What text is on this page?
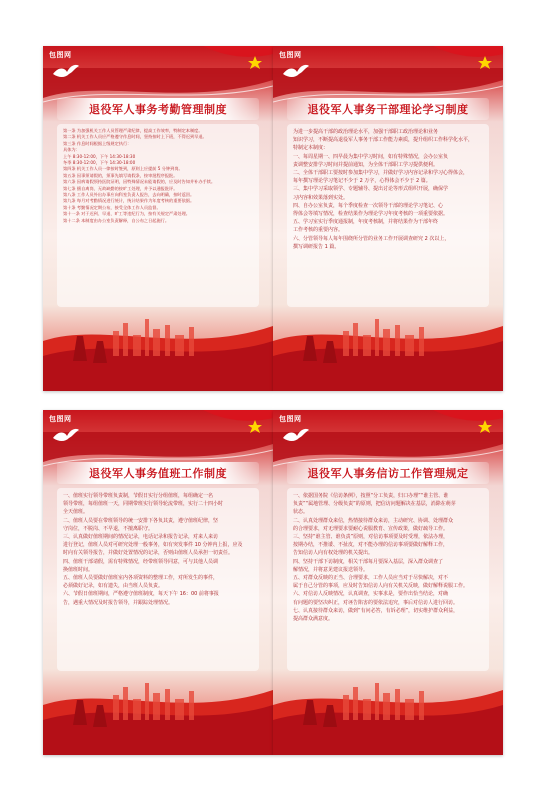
包图网
退役军人事务考勤管理制度
第一条 为加强机关工作人员管理严肃纪律，提高工作效率，特制定本制度。
第二条 机关工作人员应严格遵守作息时间，坚持按时上下班，不得迟到早退。
第三条 作息时间根据上级规定执行：
具体为：
上午 8:30-12:00，下午 14:30-18:30
冬季 8:30-12:00，下午 14:30-18:00
第四条 机关工作人员一律按时签到，原则上应提前 5 分钟到岗。
第五条 因事须请假的，须事先填写请假条，按审批程序报批。
第六条 因病请假须持医院证明，因特殊情况未能请假的，应及时告知并补办手续。
第七条 擅自离岗、无故缺勤的按旷工处理，并予以通报批评。
第八条 工作人员外出办事应向科室负责人报告，去向明确，按时返回。
第九条 每月对考勤情况进行统计，统计结果作为年度考核的重要依据。
第十条 考勤情况定期公布，接受全体工作人员监督。
第十一条 对于迟到、早退、旷工等违纪行为，按有关规定严肃处理。
第十二条 本制度由办公室负责解释，自公布之日起施行。
包图网
退役军人事务干部理论学习制度
为进一步提高干部的政治理论水平，加强干部职工政治理论和业务
知识学习，不断提高退役军人事务干部工作能力素质，提升组织工作科学化水平，
特制定本制度：
一、每周星期一、四早晨为集中学习时间，如有特殊情况，会办公室负
责调整安排学习时间并提前通知，为全体干部职工学习提供便利。
二、全体干部职工要按时参加集中学习，并做好学习内容记录和学习心得体会，
每年撰写理论学习笔记不少于 2 万字，心得体会不少于 2 篇。
三、集中学习采取领学、专题辅导、提出讨论等形式组织开展，确保学
习内容和效果落到实处。
四、自办公室负责，每个季度检查一次领导干部的理论学习笔记、心
得体会等填写情况，检查结果作为理论学习年度考核的一项重要依据。
五、学习室实行季度通报制，年度考核制，并将结果作为干部年终
工作考核的重要内容。
六、分管领导每人每年围绕所分管的业务工作开展调查研究 2 次以上，
撰写调研报告 1 篇。
包图网
退役军人事务值班工作制度
一、值班实行领导带班负责制，节假日实行分组值班，每组确定一名
领导带班，每组值班一天，同期带班实行领导轮流带班，实行二十四小时
全天值班。
二、值班人员要在带班领导的统一安排下各负其责，遵守值班纪律，坚
守岗位，不脱岗、不早退，不擅离职守。
三、认真做好值班期间的情况记录，电话记录和报告记录，对来人来访
进行登记，值班人员对可研究处理一般事务，如有突发事件 10 分钟内上报，应及
时向有关领导报告，并做好处置情况的记录，否则由值班人员承担一切责任。
四、值班干部请假，需有特殊情况，经带班领导同意，可与其他人员调
换值班时间。
五、值班人员要做好值班室内各项资料的整理工作，对所发生的事件，
必须做好记录，如有遗失，由当班人员负责。
六、节假日值班期间，严格遵守值班制度，每天下午 16：00 前将事报
告，遇重大情况及时报告领导，并跟踪处理情况。
包图网
退役军人事务信访工作管理规定
一、依据国务院《信访条例》，按照“分工负责，归口办理”“谁主管、谁
负责”“属地管理、分级负责”的原则，把信访问题解决在基层，消除在萌芽
状态。
二、认真处理群众来信，热情接待群众来访，主动研究、协调、处理群众
的合理要求，对无理要求要耐心说服教育、宣传政策，做好疏导工作。
三、坚持“谁主管、谁负责”原则，对信访事项要及时受理，依法办理，
按期办结，不推诿、不扯皮，对不能办理的信访事项要做好解释工作，
告知信访人向有权处理的机关提出。
四、坚持干部下访制度，相关干部每月要深入基层，深入群众调查了
解情况，并将意见建议报送领导。
五、对群众反映的正当、合理要求，工作人员应当对于尽快解决，对不
属于自己分管的事项，应及时告知信访人向有关机关反映，做好解释说服工作。
六、对信访人反映情况，认真调查，实事求是，要作出恰当结论，对确
有问题的要坚决纠正，对诬告陷害的要依法追究，事后对信访人进行回访。
七、认真接待群众来访，做到“有问必答，有诉必理”，切实维护群众利益，
提高群众满意度。
